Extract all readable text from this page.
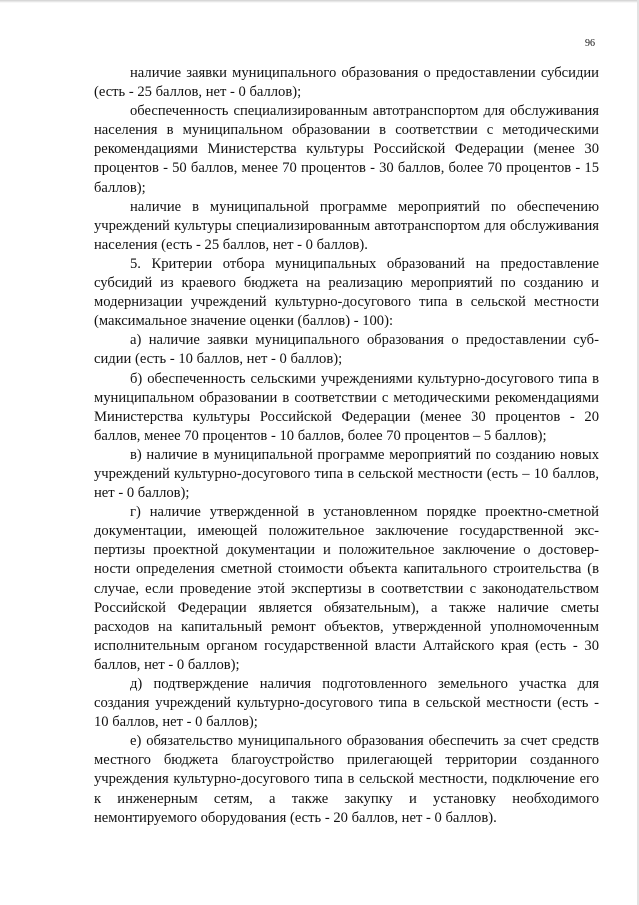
96

наличие заявки муниципального образования о предоставлении субсидии (есть - 25 баллов, нет - 0 баллов);

обеспеченность специализированным автотранспортом для обслуживания населения в муниципальном образовании в соответствии с методическими рекомендациями Министерства культуры Российской Федерации (менее 30 процентов - 50 баллов, менее 70 процентов - 30 баллов, более 70 процентов - 15 баллов);

наличие в муниципальной программе мероприятий по обеспечению учреждений культуры специализированным автотранспортом для обслуживания населения (есть - 25 баллов, нет - 0 баллов).

5. Критерии отбора муниципальных образований на предоставление субсидий из краевого бюджета на реализацию мероприятий по созданию и модернизации учреждений культурно-досугового типа в сельской местности (максимальное значение оценки (баллов) - 100):

а) наличие заявки муниципального образования о предоставлении субсидии (есть - 10 баллов, нет - 0 баллов);

б) обеспеченность сельскими учреждениями культурно-досугового типа в муниципальном образовании в соответствии с методическими рекомендациями Министерства культуры Российской Федерации (менее 30 процентов - 20 баллов, менее 70 процентов - 10 баллов, более 70 процентов – 5 баллов);

в) наличие в муниципальной программе мероприятий по созданию новых учреждений культурно-досугового типа в сельской местности (есть – 10 баллов, нет - 0 баллов);

г) наличие утвержденной в установленном порядке проектно-сметной документации, имеющей положительное заключение государственной экспертизы проектной документации и положительное заключение о достоверности определения сметной стоимости объекта капитального строительства (в случае, если проведение этой экспертизы в соответствии с законодательством Российской Федерации является обязательным), а также наличие сметы расходов на капитальный ремонт объектов, утвержденной уполномоченным исполнительным органом государственной власти Алтайского края (есть - 30 баллов, нет - 0 баллов);

д) подтверждение наличия подготовленного земельного участка для создания учреждений культурно-досугового типа в сельской местности (есть - 10 баллов, нет - 0 баллов);

е) обязательство муниципального образования обеспечить за счет средств местного бюджета благоустройство прилегающей территории созданного учреждения культурно-досугового типа в сельской местности, подключение его к инженерным сетям, а также закупку и установку необходимого немонтируемого оборудования (есть - 20 баллов, нет - 0 баллов).
